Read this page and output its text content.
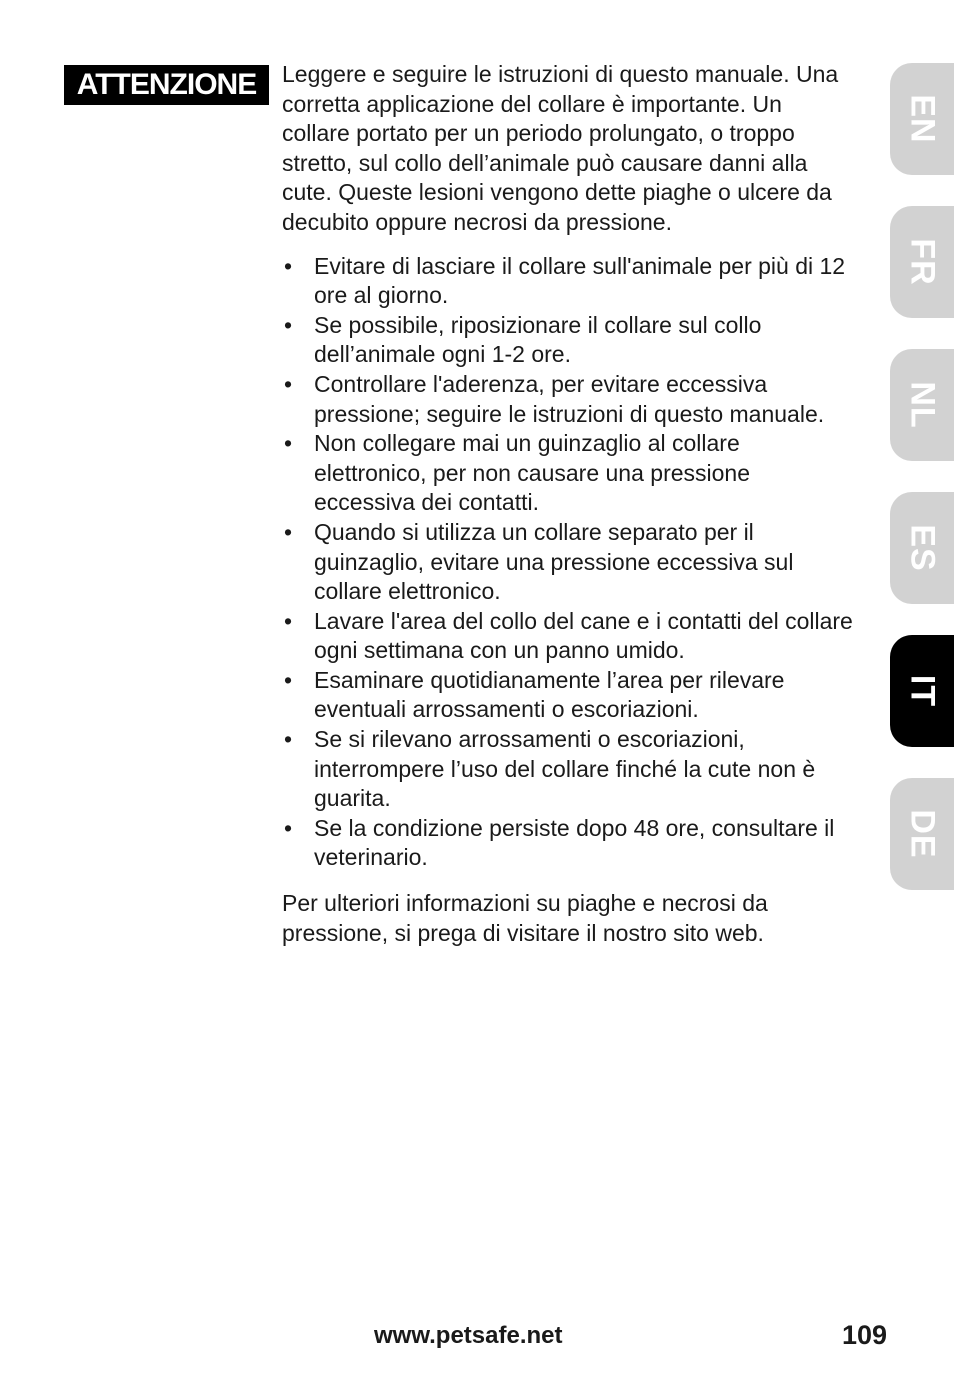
ATTENZIONE	Leggere e seguire le istruzioni di questo manuale. Una corretta applicazione del collare è importante. Un collare portato per un periodo prolungato, o troppo stretto, sul collo dell’animale può causare danni alla cute. Queste lesioni vengono dette piaghe o ulcere da decubito oppure necrosi da pressione.

• Evitare di lasciare il collare sull'animale per più di 12 ore al giorno.
• Se possibile, riposizionare il collare sul collo dell’animale ogni 1-2 ore.
• Controllare l'aderenza, per evitare eccessiva pressione; seguire le istruzioni di questo manuale.
• Non collegare mai un guinzaglio al collare elettronico, per non causare una pressione eccessiva dei contatti.
• Quando si utilizza un collare separato per il guinzaglio, evitare una pressione eccessiva sul collare elettronico.
• Lavare l'area del collo del cane e i contatti del collare ogni settimana con un panno umido.
• Esaminare quotidianamente l’area per rilevare eventuali arrossamenti o escoriazioni.
• Se si rilevano arrossamenti o escoriazioni, interrompere l’uso del collare finché la cute non è guarita.
• Se la condizione persiste dopo 48 ore, consultare il veterinario.

Per ulteriori informazioni su piaghe e necrosi da pressione, si prega di visitare il nostro sito web.

EN
FR
NL
ES
IT
DE
www.petsafe.net	109
